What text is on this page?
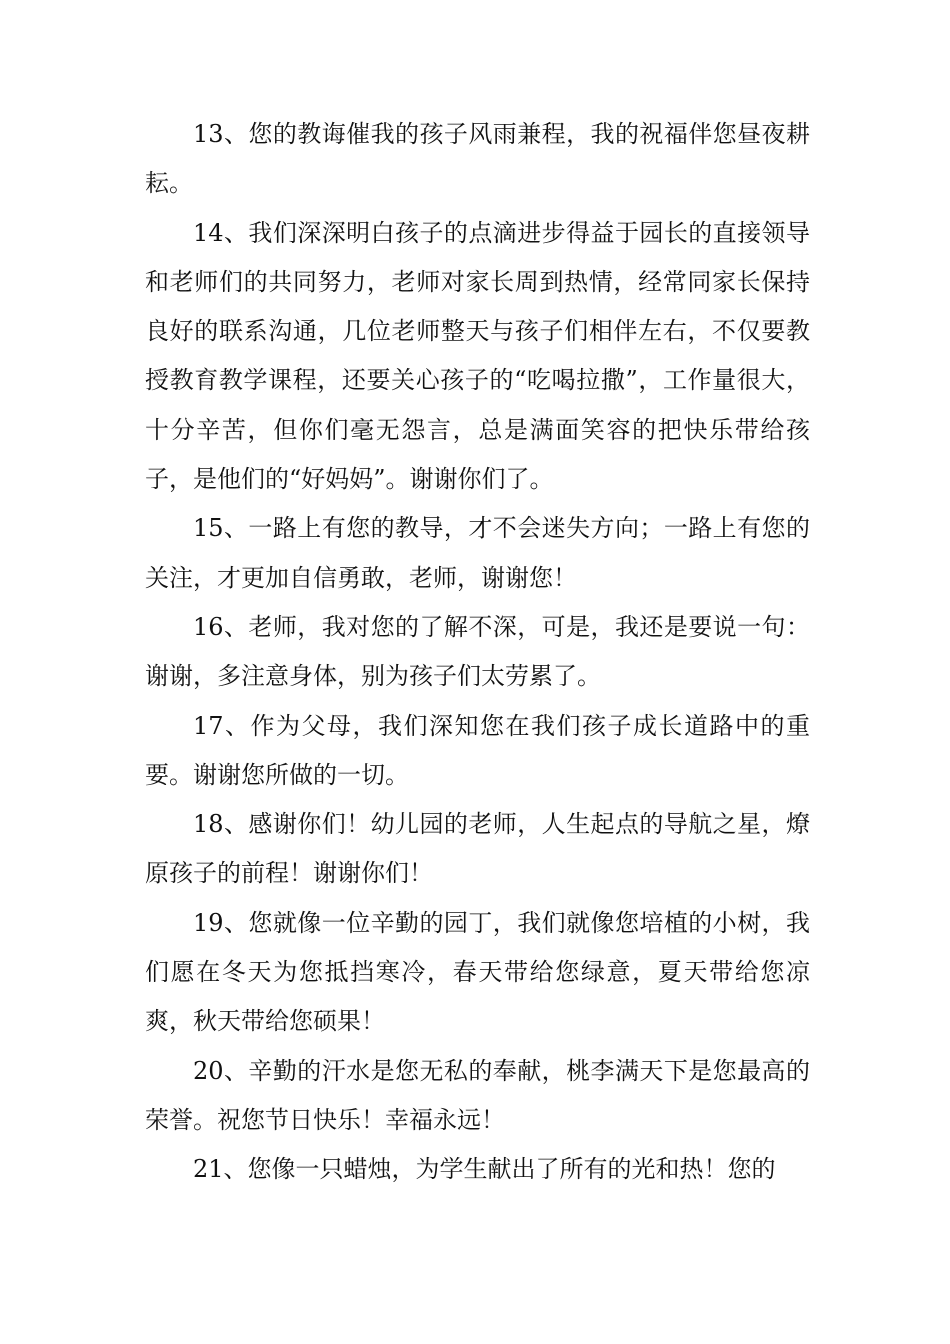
13、您的教诲催我的孩子风雨兼程，我的祝福伴您昼夜耕耘。

14、我们深深明白孩子的点滴进步得益于园长的直接领导和老师们的共同努力，老师对家长周到热情，经常同家长保持良好的联系沟通，几位老师整天与孩子们相伴左右，不仅要教授教育教学课程，还要关心孩子的“吃喝拉撒”，工作量很大，十分辛苦，但你们毫无怨言，总是满面笑容的把快乐带给孩子，是他们的“好妈妈”。谢谢你们了。

15、一路上有您的教导，才不会迷失方向；一路上有您的关注，才更加自信勇敢，老师，谢谢您！

16、老师，我对您的了解不深，可是，我还是要说一句：谢谢，多注意身体，别为孩子们太劳累了。

17、作为父母，我们深知您在我们孩子成长道路中的重要。谢谢您所做的一切。

18、感谢你们！幼儿园的老师，人生起点的导航之星，燎原孩子的前程！谢谢你们！

19、您就像一位辛勤的园丁，我们就像您培植的小树，我们愿在冬天为您抵挡寒冷，春天带给您绿意，夏天带给您凉爽，秋天带给您硕果！

20、辛勤的汗水是您无私的奉献，桃李满天下是您最高的荣誉。祝您节日快乐！幸福永远！

21、您像一只蜡烛，为学生献出了所有的光和热！您的
